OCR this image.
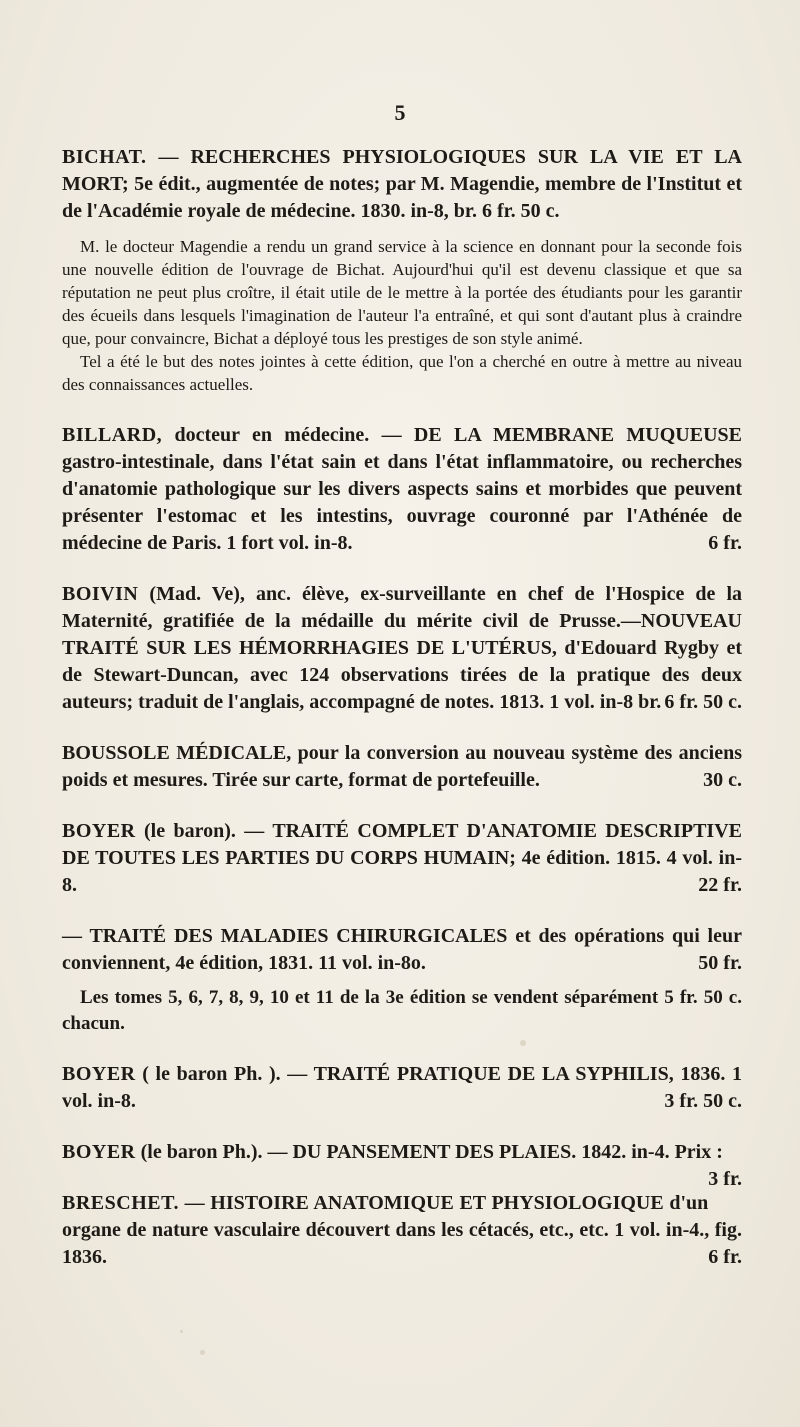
5
BICHAT. — RECHERCHES PHYSIOLOGIQUES SUR LA VIE ET LA MORT; 5e édit., augmentée de notes; par M. Magendie, membre de l'Institut et de l'Académie royale de médecine. 1830. in-8, br. 6 fr. 50 c.

M. le docteur Magendie a rendu un grand service à la science en donnant pour la seconde fois une nouvelle édition de l'ouvrage de Bichat. Aujourd'hui qu'il est devenu classique et que sa réputation ne peut plus croître, il était utile de le mettre à la portée des étudiants pour les garantir des écueils dans lesquels l'imagination de l'auteur l'a entraîné, et qui sont d'autant plus à craindre que, pour convaincre, Bichat a déployé tous les prestiges de son style animé.

Tel a été le but des notes jointes à cette édition, que l'on a cherché en outre à mettre au niveau des connaissances actuelles.

BILLARD, docteur en médecine. — DE LA MEMBRANE MUQUEUSE gastro-intestinale, dans l'état sain et dans l'état inflammatoire, ou recherches d'anatomie pathologique sur les divers aspects sains et morbides que peuvent présenter l'estomac et les intestins, ouvrage couronné par l'Athénée de médecine de Paris. 1 fort vol. in-8.	6 fr.
BOIVIN (Mad. Ve), anc. élève, ex-surveillante en chef de l'Hospice de la Maternité, gratifiée de la médaille du mérite civil de Prusse.—NOUVEAU TRAITÉ SUR LES HÉMORRHAGIES DE L'UTÉRUS, d'Edouard Rygby et de Stewart-Duncan, avec 124 observations tirées de la pratique des deux auteurs; traduit de l'anglais, accompagné de notes. 1813. 1 vol. in-8 br. 6 fr. 50 c.
BOUSSOLE MÉDICALE, pour la conversion au nouveau système des anciens poids et mesures. Tirée sur carte, format de portefeuille.	30 c.
BOYER (le baron). — TRAITÉ COMPLET D'ANATOMIE DESCRIPTIVE DE TOUTES LES PARTIES DU CORPS HUMAIN; 4e édition. 1815. 4 vol. in-8.	22 fr.
— TRAITÉ DES MALADIES CHIRURGICALES et des opérations qui leur conviennent, 4e édition, 1831. 11 vol. in-8o.	50 fr.
Les tomes 5, 6, 7, 8, 9, 10 et 11 de la 3e édition se vendent séparément 5 fr. 50 c. chacun.
BOYER ( le baron Ph. ). — TRAITÉ PRATIQUE DE LA SYPHILIS, 1836. 1 vol. in-8.	3 fr. 50 c.
BOYER (le baron Ph.). — DU PANSEMENT DES PLAIES. 1842. in-4. Prix :
3 fr.
BRESCHET. — HISTOIRE ANATOMIQUE ET PHYSIOLOGIQUE d'un organe de nature vasculaire découvert dans les cétacés, etc., etc. 1 vol. in-4., fig. 1836.	6 fr.
